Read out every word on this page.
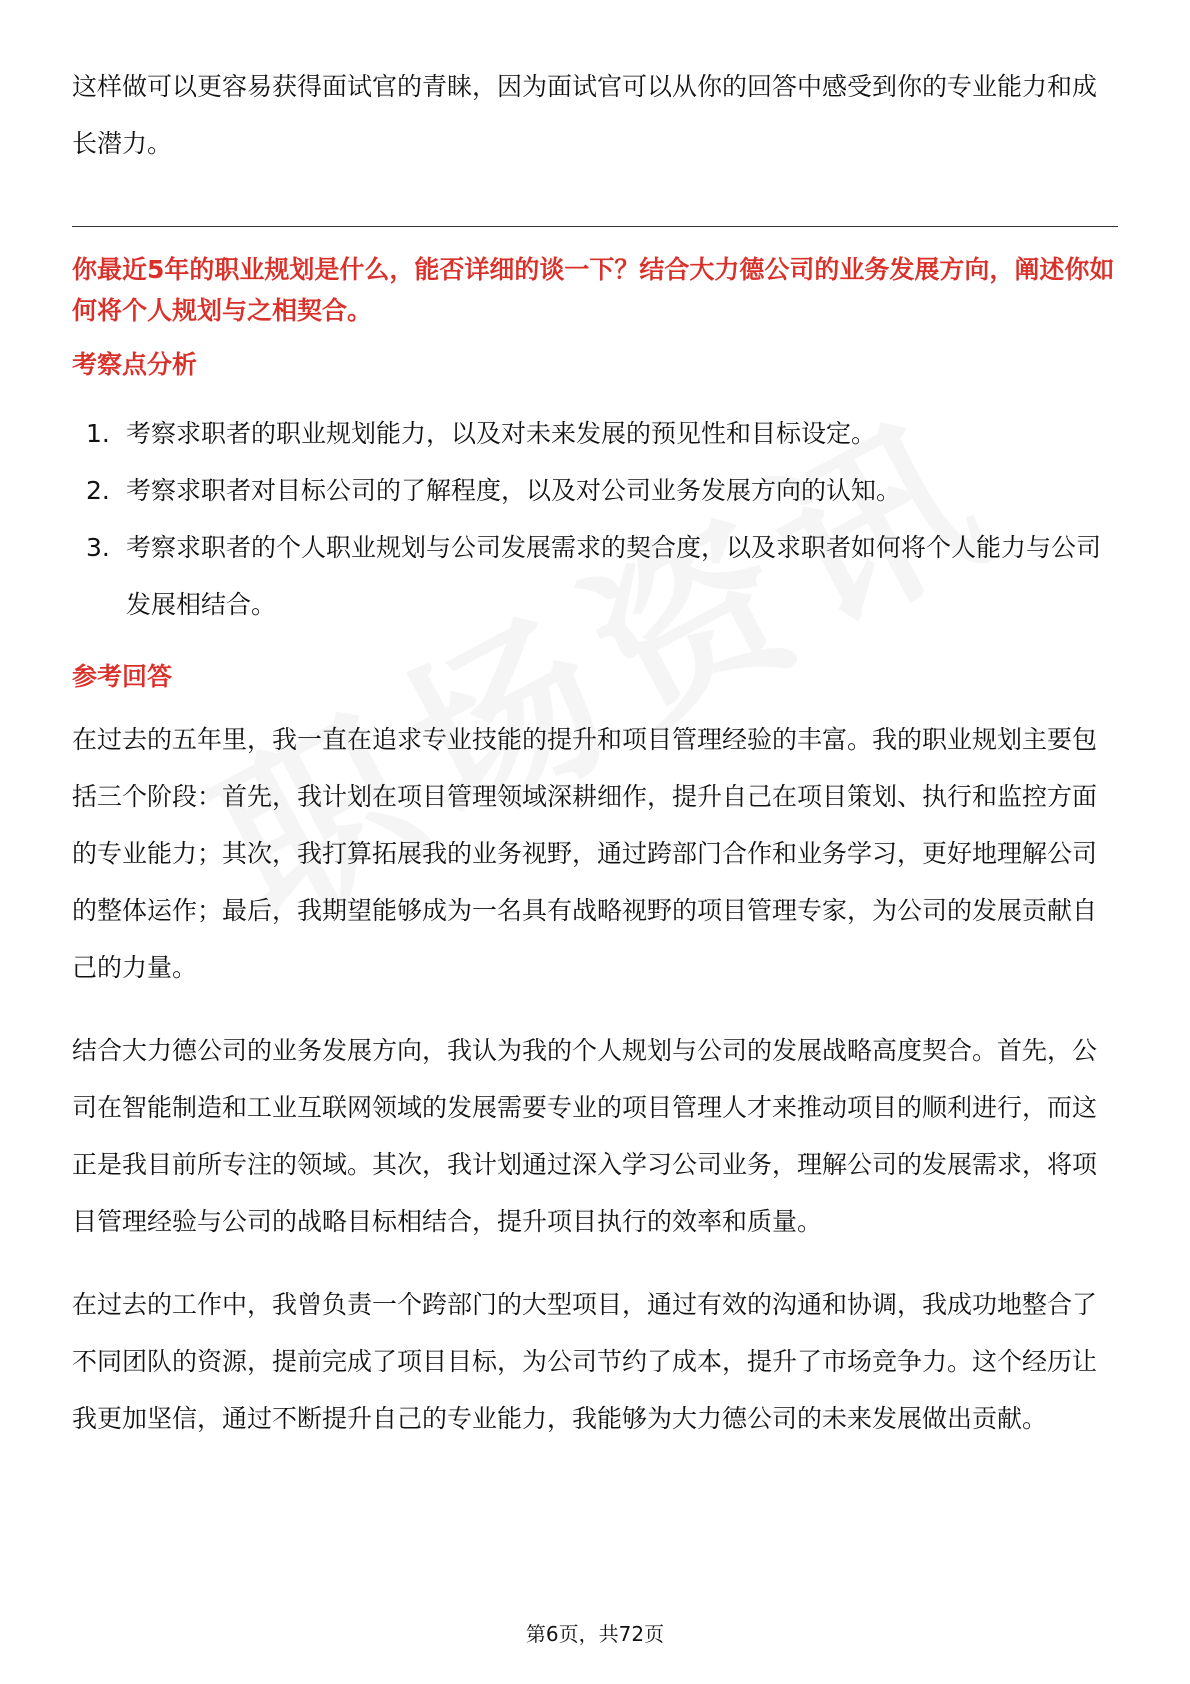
这样做可以更容易获得面试官的青睐，因为面试官可以从你的回答中感受到你的专业能力和成长潜力。

你最近5年的职业规划是什么，能否详细的谈一下？结合大力德公司的业务发展方向，阐述你如何将个人规划与之相契合。

考察点分析
1. 考察求职者的职业规划能力，以及对未来发展的预见性和目标设定。
2. 考察求职者对目标公司的了解程度，以及对公司业务发展方向的认知。
3. 考察求职者的个人职业规划与公司发展需求的契合度，以及求职者如何将个人能力与公司发展相结合。
参考回答

在过去的五年里，我一直在追求专业技能的提升和项目管理经验的丰富。我的职业规划主要包括三个阶段：首先，我计划在项目管理领域深耕细作，提升自己在项目策划、执行和监控方面的专业能力；其次，我打算拓展我的业务视野，通过跨部门合作和业务学习，更好地理解公司的整体运作；最后，我期望能够成为一名具有战略视野的项目管理专家，为公司的发展贡献自己的力量。

结合大力德公司的业务发展方向，我认为我的个人规划与公司的发展战略高度契合。首先，公司在智能制造和工业互联网领域的发展需要专业的项目管理人才来推动项目的顺利进行，而这正是我目前所专注的领域。其次，我计划通过深入学习公司业务，理解公司的发展需求，将项目管理经验与公司的战略目标相结合，提升项目执行的效率和质量。

在过去的工作中，我曾负责一个跨部门的大型项目，通过有效的沟通和协调，我成功地整合了不同团队的资源，提前完成了项目目标，为公司节约了成本，提升了市场竞争力。这个经历让我更加坚信，通过不断提升自己的专业能力，我能够为大力德公司的未来发展做出贡献。

第6页，共72页
